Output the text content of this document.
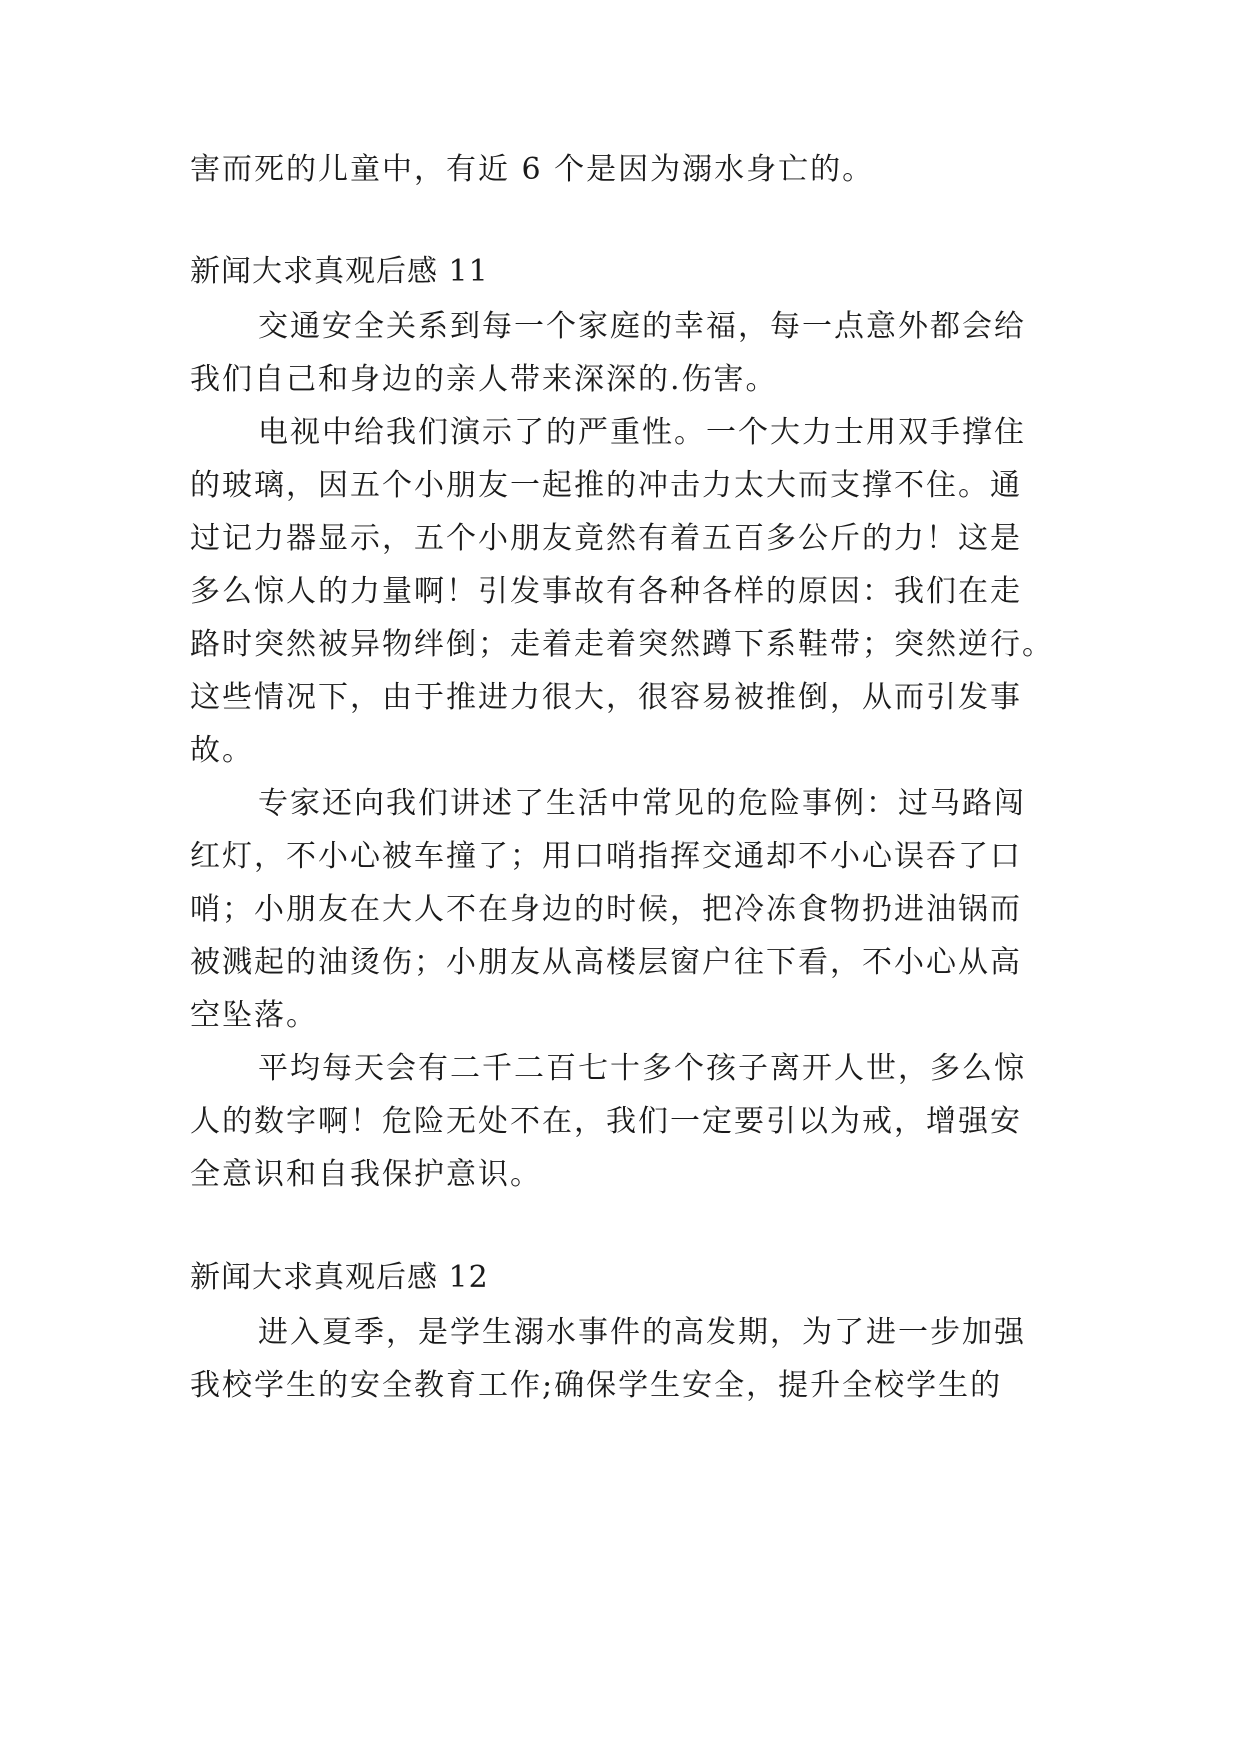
害而死的儿童中，有近 6 个是因为溺水身亡的。
新闻大求真观后感 11
交通安全关系到每一个家庭的幸福，每一点意外都会给
我们自己和身边的亲人带来深深的.伤害。
电视中给我们演示了的严重性。一个大力士用双手撑住
的玻璃，因五个小朋友一起推的冲击力太大而支撑不住。通
过记力器显示，五个小朋友竟然有着五百多公斤的力！这是
多么惊人的力量啊！引发事故有各种各样的原因：我们在走
路时突然被异物绊倒；走着走着突然蹲下系鞋带；突然逆行。
这些情况下，由于推进力很大，很容易被推倒，从而引发事
故。
专家还向我们讲述了生活中常见的危险事例：过马路闯
红灯，不小心被车撞了；用口哨指挥交通却不小心误吞了口
哨；小朋友在大人不在身边的时候，把冷冻食物扔进油锅而
被溅起的油烫伤；小朋友从高楼层窗户往下看，不小心从高
空坠落。
平均每天会有二千二百七十多个孩子离开人世，多么惊
人的数字啊！危险无处不在，我们一定要引以为戒，增强安
全意识和自我保护意识。
新闻大求真观后感 12
进入夏季，是学生溺水事件的高发期，为了进一步加强
我校学生的安全教育工作;确保学生安全，提升全校学生的
